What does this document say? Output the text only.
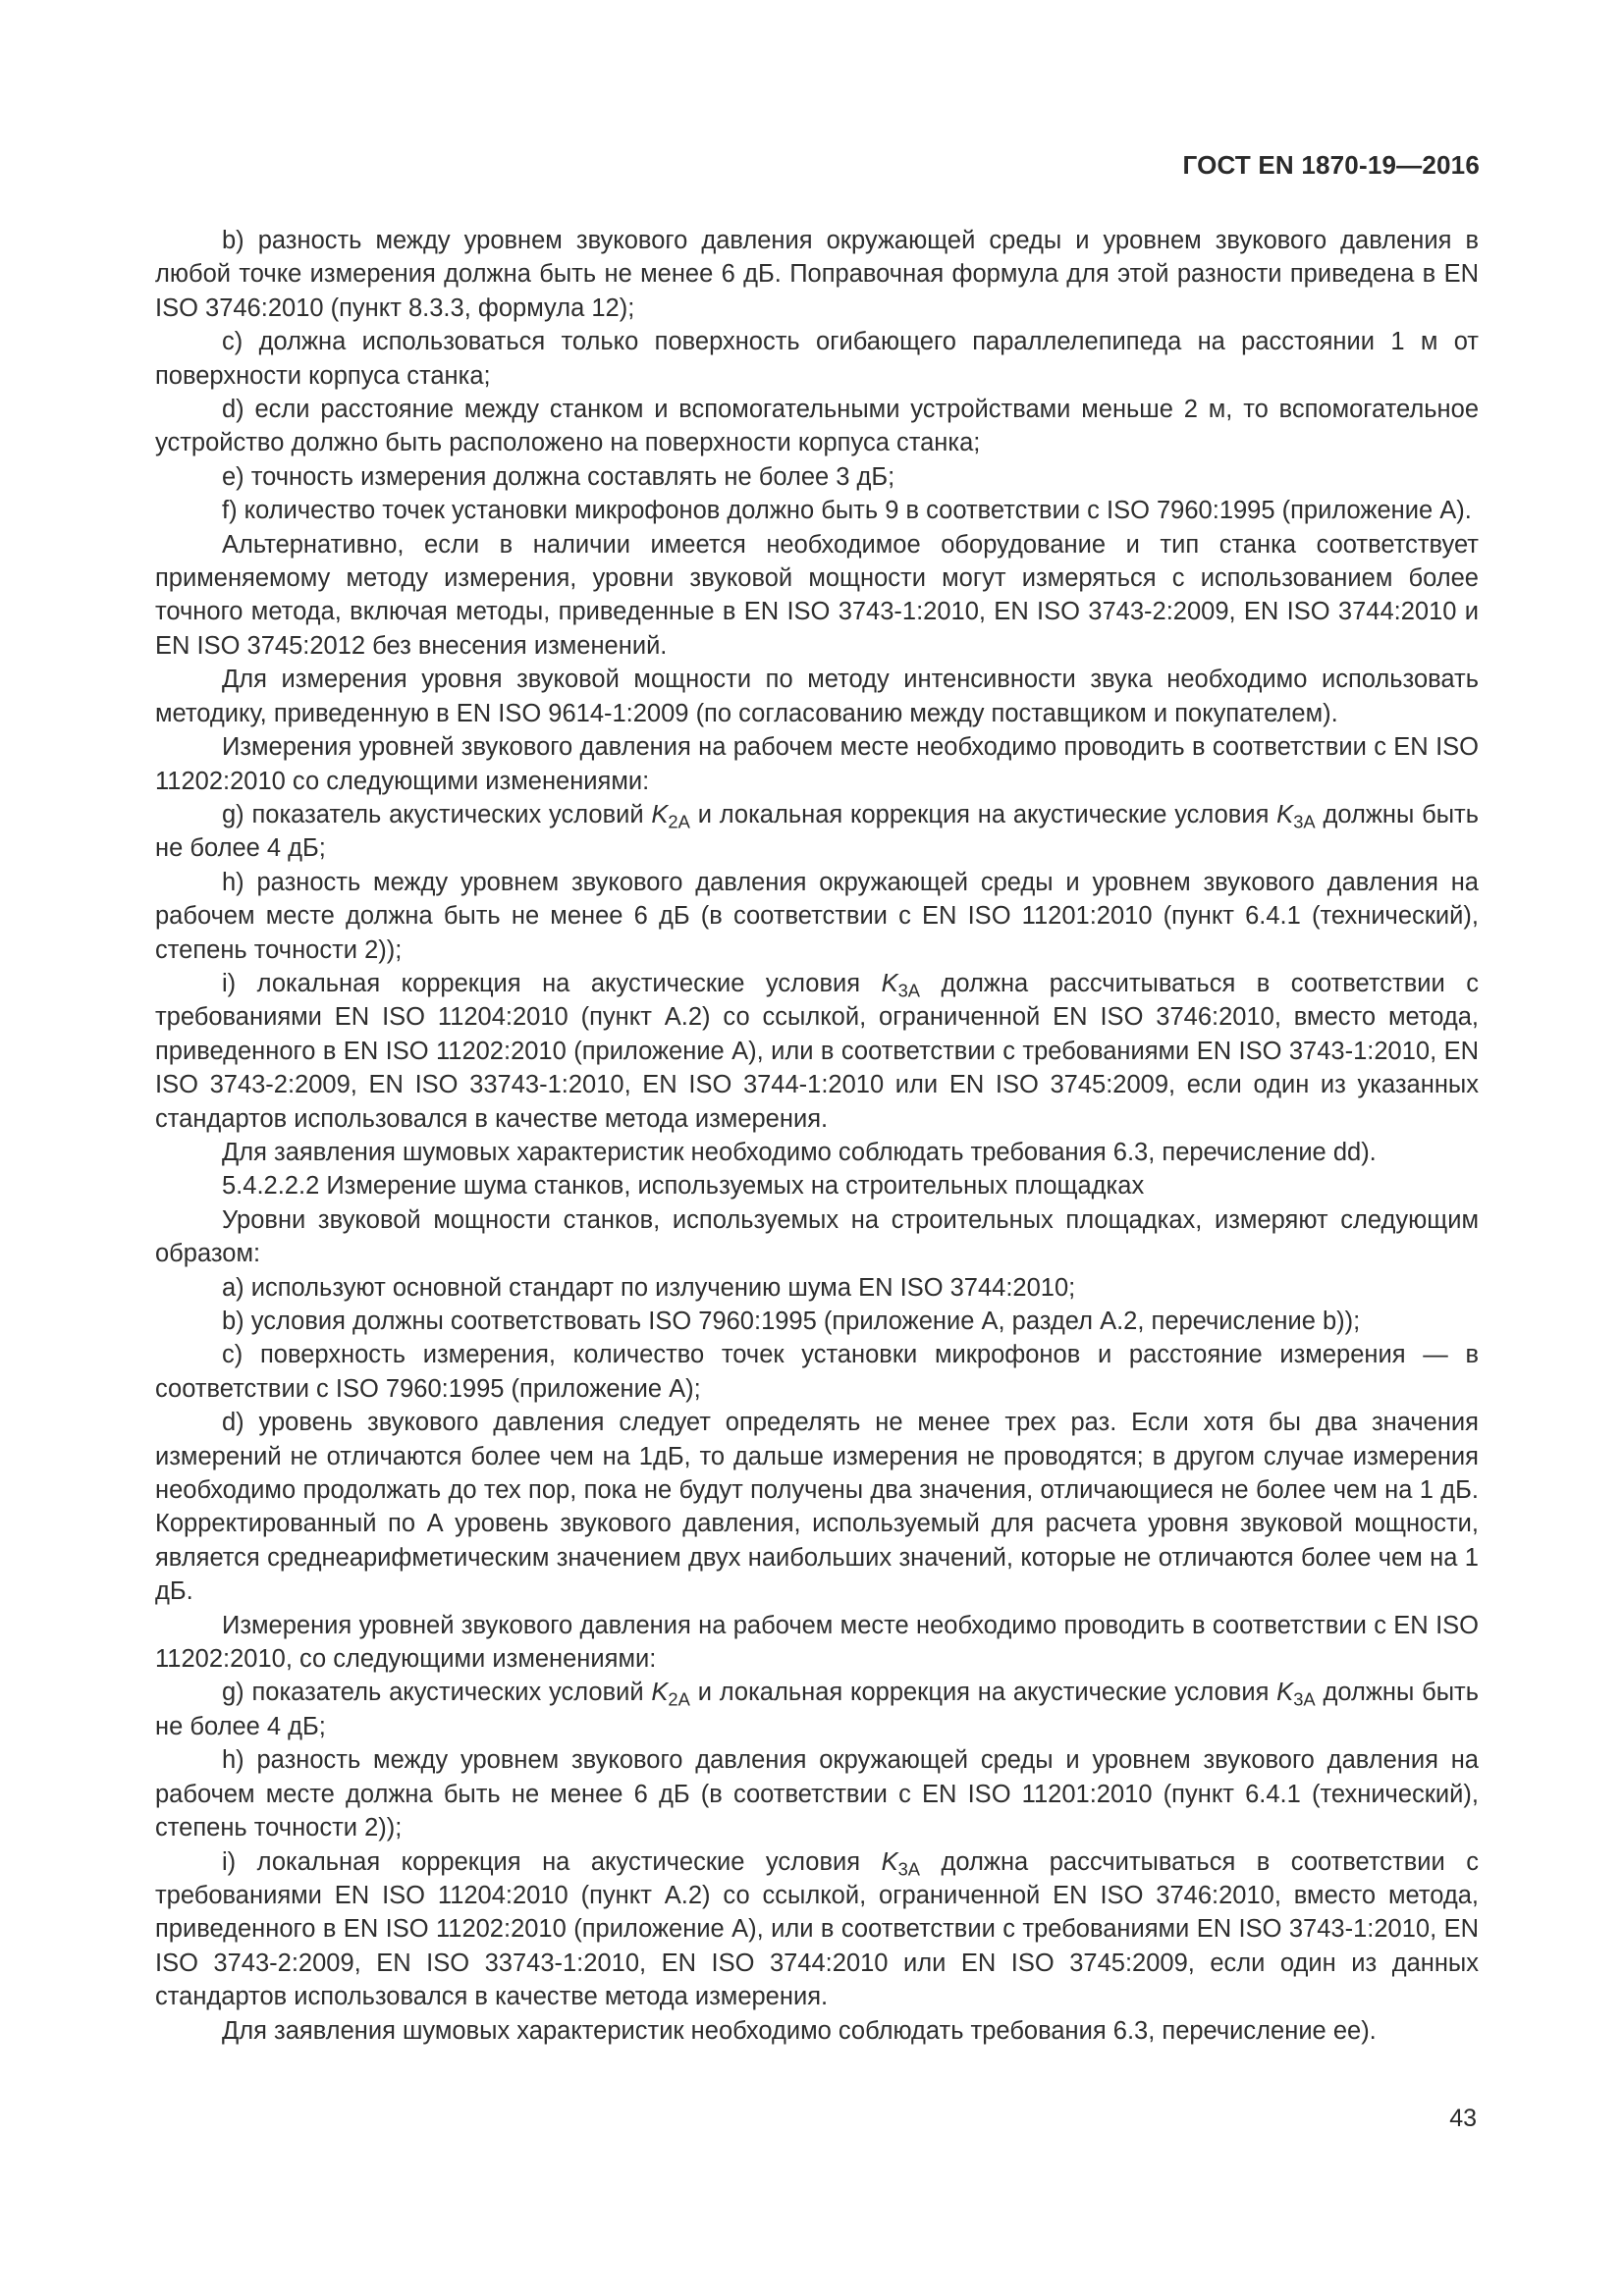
ГОСТ EN 1870-19—2016

b) разность между уровнем звукового давления окружающей среды и уровнем звукового давления в любой точке измерения должна быть не менее 6 дБ. Поправочная формула для этой разности приведена в EN ISO 3746:2010 (пункт 8.3.3, формула 12);

с) должна использоваться только поверхность огибающего параллелепипеда на расстоянии 1 м от поверхности корпуса станка;

d) если расстояние между станком и вспомогательными устройствами меньше 2 м, то вспомогательное устройство должно быть расположено на поверхности корпуса станка;

е) точность измерения должна составлять не более 3 дБ;

f) количество точек установки микрофонов должно быть 9 в соответствии с ISO 7960:1995 (приложение А).

Альтернативно, если в наличии имеется необходимое оборудование и тип станка соответствует применяемому методу измерения, уровни звуковой мощности могут измеряться с использованием более точного метода, включая методы, приведенные в EN ISO 3743-1:2010, EN ISO 3743-2:2009, EN ISO 3744:2010 и EN ISO 3745:2012 без внесения изменений.

Для измерения уровня звуковой мощности по методу интенсивности звука необходимо использовать методику, приведенную в EN ISO 9614-1:2009 (по согласованию между поставщиком и покупателем).

Измерения уровней звукового давления на рабочем месте необходимо проводить в соответствии с EN ISO 11202:2010 со следующими изменениями:

g) показатель акустических условий $K_{2A}$ и локальная коррекция на акустические условия $K_{3A}$ должны быть не более 4 дБ;

h) разность между уровнем звукового давления окружающей среды и уровнем звукового давления на рабочем месте должна быть не менее 6 дБ (в соответствии с EN ISO 11201:2010 (пункт 6.4.1 (технический), степень точности 2));

i) локальная коррекция на акустические условия $K_{3A}$ должна рассчитываться в соответствии с требованиями EN ISO 11204:2010 (пункт А.2) со ссылкой, ограниченной EN ISO 3746:2010, вместо метода, приведенного в EN ISO 11202:2010 (приложение А), или в соответствии с требованиями EN ISO 3743-1:2010, EN ISO 3743-2:2009, EN ISO 33743-1:2010, EN ISO 3744-1:2010 или EN ISO 3745:2009, если один из указанных стандартов использовался в качестве метода измерения.

Для заявления шумовых характеристик необходимо соблюдать требования 6.3, перечисление dd).

5.4.2.2.2 Измерение шума станков, используемых на строительных площадках

Уровни звуковой мощности станков, используемых на строительных площадках, измеряют следующим образом:

а) используют основной стандарт по излучению шума EN ISO 3744:2010;

b) условия должны соответствовать ISO 7960:1995 (приложение А, раздел А.2, перечисление b));

с) поверхность измерения, количество точек установки микрофонов и расстояние измерения — в соответствии с ISO 7960:1995 (приложение А);

d) уровень звукового давления следует определять не менее трех раз. Если хотя бы два значения измерений не отличаются более чем на 1дБ, то дальше измерения не проводятся; в другом случае измерения необходимо продолжать до тех пор, пока не будут получены два значения, отличающиеся не более чем на 1 дБ. Корректированный по А уровень звукового давления, используемый для расчета уровня звуковой мощности, является среднеарифметическим значением двух наибольших значений, которые не отличаются более чем на 1 дБ.

Измерения уровней звукового давления на рабочем месте необходимо проводить в соответствии с EN ISO 11202:2010, со следующими изменениями:

g) показатель акустических условий $K_{2A}$ и локальная коррекция на акустические условия $K_{3A}$ должны быть не более 4 дБ;

h) разность между уровнем звукового давления окружающей среды и уровнем звукового давления на рабочем месте должна быть не менее 6 дБ (в соответствии с EN ISO 11201:2010 (пункт 6.4.1 (технический), степень точности 2));

i) локальная коррекция на акустические условия $K_{3A}$ должна рассчитываться в соответствии с требованиями EN ISO 11204:2010 (пункт А.2) со ссылкой, ограниченной EN ISO 3746:2010, вместо метода, приведенного в EN ISO 11202:2010 (приложение А), или в соответствии с требованиями EN ISO 3743-1:2010, EN ISO 3743-2:2009, EN ISO 33743-1:2010, EN ISO 3744:2010 или EN ISO 3745:2009, если один из данных стандартов использовался в качестве метода измерения.

Для заявления шумовых характеристик необходимо соблюдать требования 6.3, перечисление ее).

43
